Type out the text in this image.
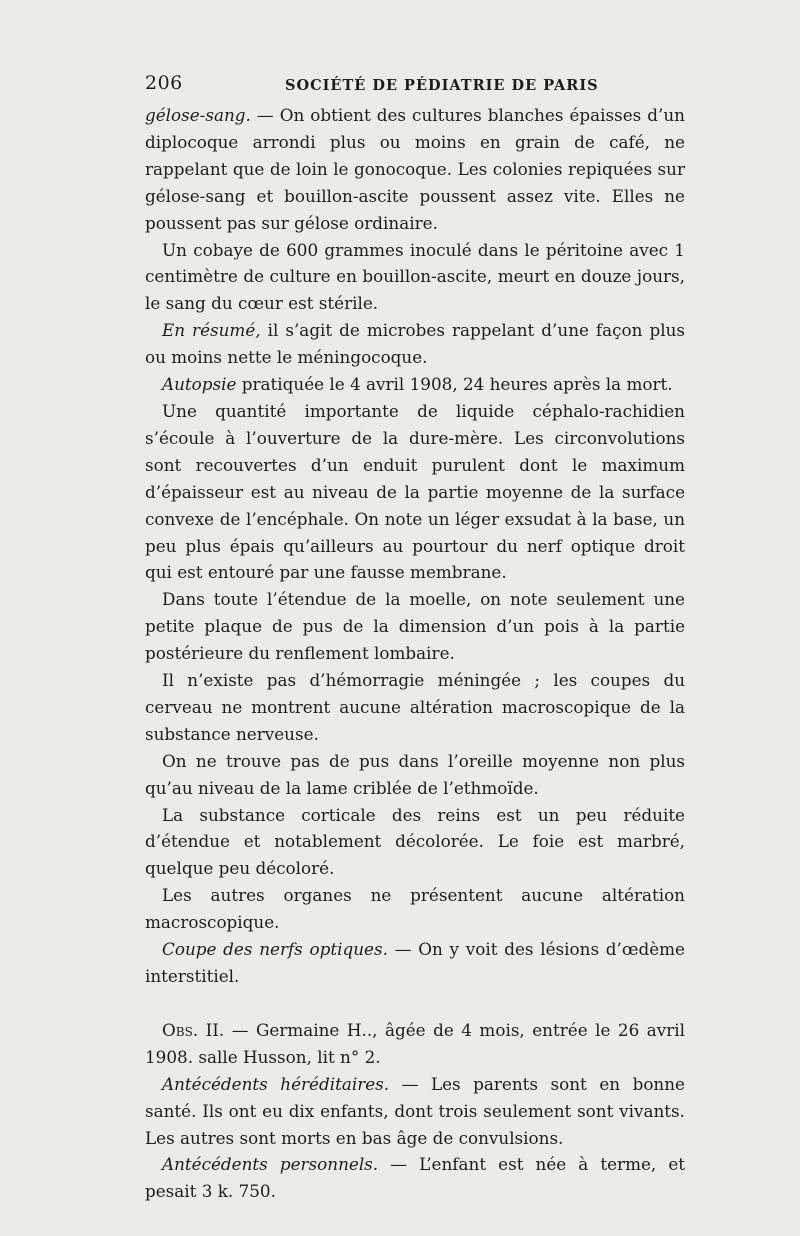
206	SOCIÉTÉ DE PÉDIATRIE DE PARIS

gélose-sang. — On obtient des cultures blanches épaisses d’un diplocoque arrondi plus ou moins en grain de café, ne rappelant que de loin le gonocoque. Les colonies repiquées sur gélose-sang et bouillon-ascite poussent assez vite. Elles ne poussent pas sur gélose ordinaire.

Un cobaye de 600 grammes inoculé dans le péritoine avec 1 centimètre de culture en bouillon-ascite, meurt en douze jours, le sang du cœur est stérile.

En résumé, il s’agit de microbes rappelant d’une façon plus ou moins nette le méningocoque.

Autopsie pratiquée le 4 avril 1908, 24 heures après la mort.

Une quantité importante de liquide céphalo-rachidien s’écoule à l’ouverture de la dure-mère. Les circonvolutions sont recouvertes d’un enduit purulent dont le maximum d’épaisseur est au niveau de la partie moyenne de la surface convexe de l’encéphale. On note un léger exsudat à la base, un peu plus épais qu’ailleurs au pourtour du nerf optique droit qui est entouré par une fausse membrane.

Dans toute l’étendue de la moelle, on note seulement une petite plaque de pus de la dimension d’un pois à la partie postérieure du renflement lombaire.

Il n’existe pas d’hémorragie méningée ; les coupes du cerveau ne montrent aucune altération macroscopique de la substance nerveuse.

On ne trouve pas de pus dans l’oreille moyenne non plus qu’au niveau de la lame criblée de l’ethmoïde.

La substance corticale des reins est un peu réduite d’étendue et notablement décolorée. Le foie est marbré, quelque peu décoloré.

Les autres organes ne présentent aucune altération macroscopique.

Coupe des nerfs optiques. — On y voit des lésions d’œdème interstitiel.

Obs. II. — Germaine H.., âgée de 4 mois, entrée le 26 avril 1908. salle Husson, lit n° 2.

Antécédents héréditaires. — Les parents sont en bonne santé. Ils ont eu dix enfants, dont trois seulement sont vivants. Les autres sont morts en bas âge de convulsions.

Antécédents personnels. — L’enfant est née à terme, et pesait 3 k. 750.
